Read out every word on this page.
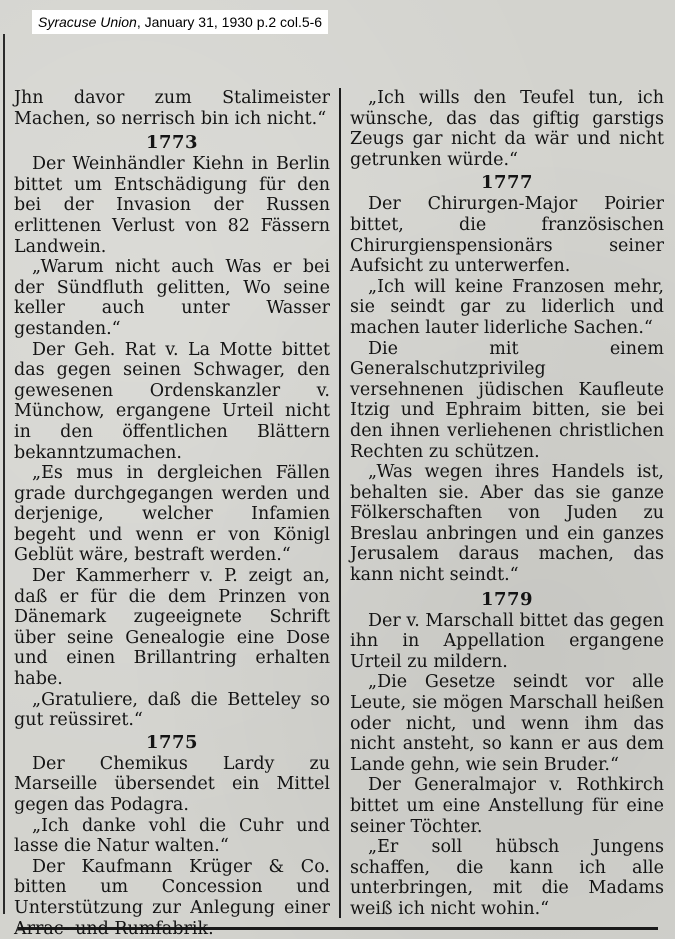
Syracuse Union, January 31, 1930 p.2 col.5-6

Jhn davor zum Stalimeister Machen, so nerrisch bin ich nicht.“

1773

Der Weinhändler Kiehn in Berlin bittet um Entschädigung für den bei der Invasion der Russen erlittenen Verlust von 82 Fässern Landwein.

„Warum nicht auch Was er bei der Sündfluth gelitten, Wo seine keller auch unter Wasser gestanden.“

Der Geh. Rat v. La Motte bittet das gegen seinen Schwager, den gewesenen Ordenskanzler v. Münchow, ergangene Urteil nicht in den öffentlichen Blättern bekanntzumachen.

„Es mus in dergleichen Fällen grade durchgegangen werden und derjenige, welcher Infamien begeht und wenn er von Königl Geblüt wäre, bestraft werden.“

Der Kammerherr v. P. zeigt an, daß er für die dem Prinzen von Dänemark zugeeignete Schrift über seine Genealogie eine Dose und einen Brillantring erhalten habe.

„Gratuliere, daß die Betteley so gut reüssiret.“

1775

Der Chemikus Lardy zu Marseille übersendet ein Mittel gegen das Podagra.

„Ich danke vohl die Cuhr und lasse die Natur walten.“

Der Kaufmann Krüger & Co. bitten um Concession und Unterstützung zur Anlegung einer Arrac- und Rumfabrik.

„Ich wills den Teufel tun, ich wünsche, das das giftig garstigs Zeugs gar nicht da wär und nicht getrunken würde.“

1777

Der Chirurgen-Major Poirier bittet, die französischen Chirurgienspensionärs seiner Aufsicht zu unterwerfen.

„Ich will keine Franzosen mehr, sie seindt gar zu liderlich und machen lauter liderliche Sachen.“

Die mit einem Generalschutzprivileg versehnenen jüdischen Kaufleute Itzig und Ephraim bitten, sie bei den ihnen verliehenen christlichen Rechten zu schützen.

„Was wegen ihres Handels ist, behalten sie. Aber das sie ganze Fölkerschaften von Juden zu Breslau anbringen und ein ganzes Jerusalem daraus machen, das kann nicht seindt.“

1779

Der v. Marschall bittet das gegen ihn in Appellation ergangene Urteil zu mildern.

„Die Gesetze seindt vor alle Leute, sie mögen Marschall heißen oder nicht, und wenn ihm das nicht ansteht, so kann er aus dem Lande gehn, wie sein Bruder.“

Der Generalmajor v. Rothkirch bittet um eine Anstellung für eine seiner Töchter.

„Er soll hübsch Jungens schaffen, die kann ich alle unterbringen, mit die Madams weiß ich nicht wohin.“
